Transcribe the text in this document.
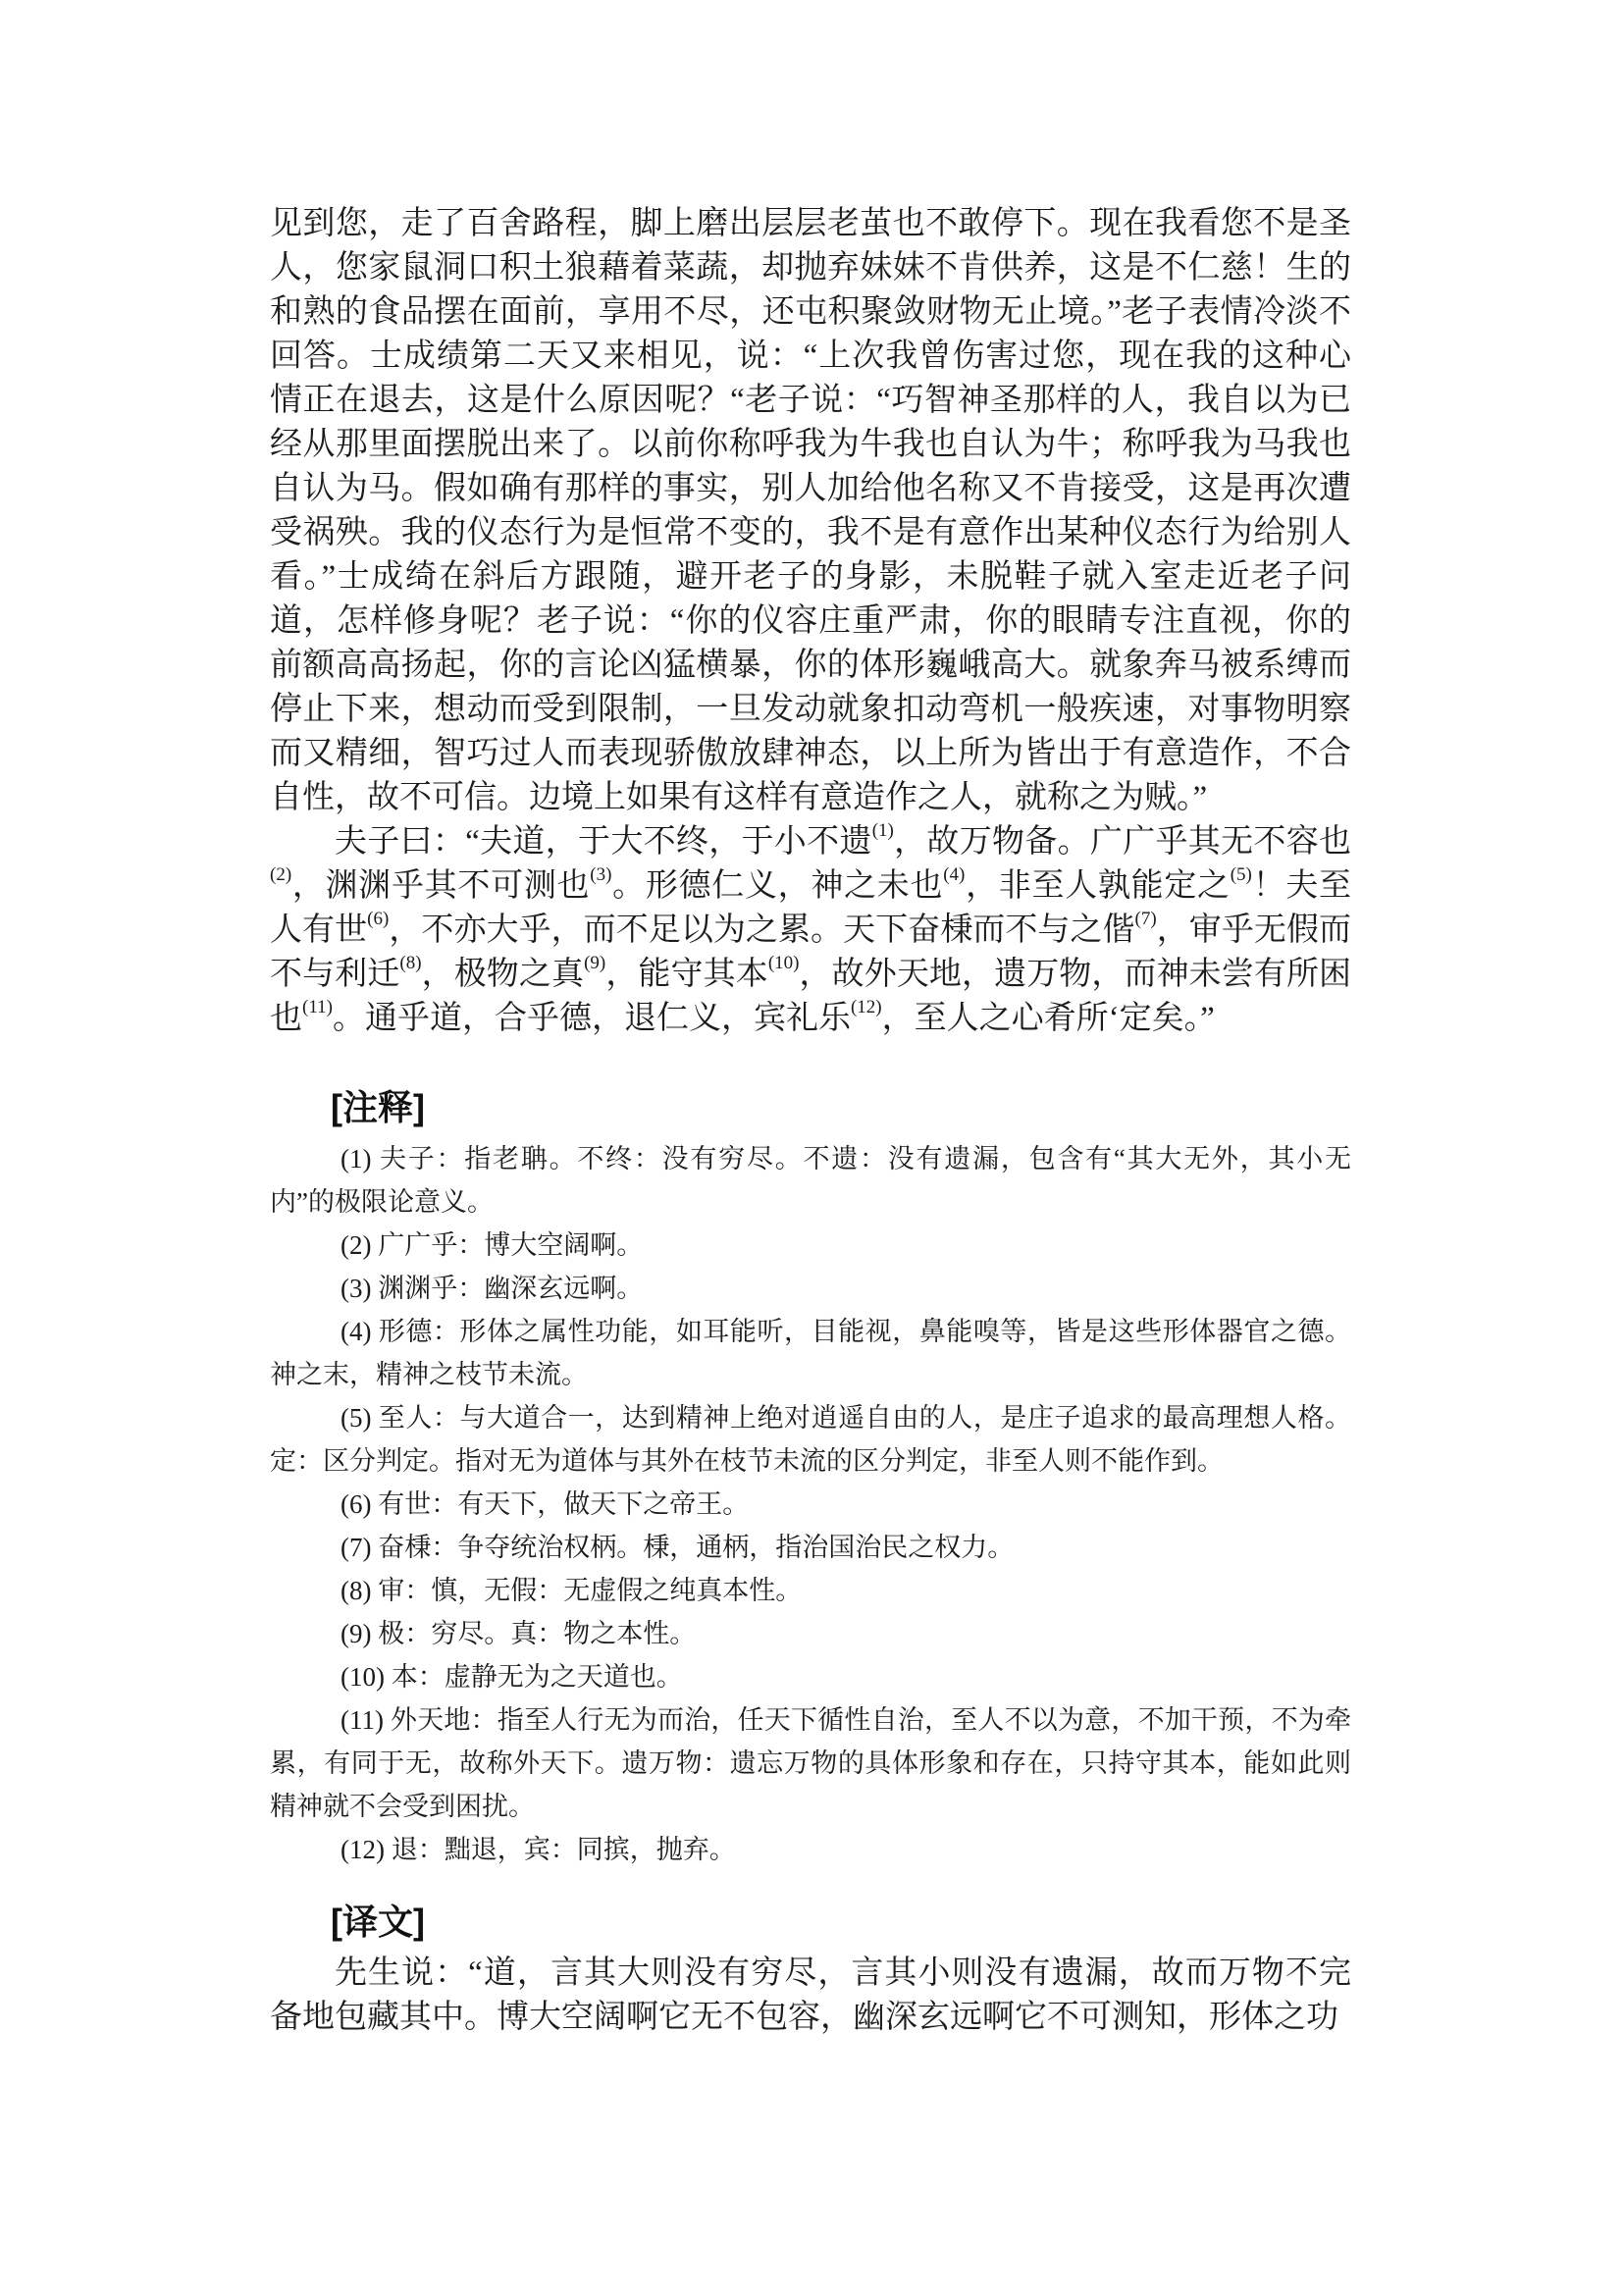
见到您，走了百舍路程，脚上磨出层层老茧也不敢停下。现在我看您不是圣人，您家鼠洞口积土狼藉着菜蔬，却抛弃妹妹不肯供养，这是不仁慈！生的和熟的食品摆在面前，享用不尽，还屯积聚敛财物无止境。”老子表情冷淡不回答。士成绩第二天又来相见，说：“上次我曾伤害过您，现在我的这种心情正在退去，这是什么原因呢？“老子说：“巧智神圣那样的人，我自以为已经从那里面摆脱出来了。以前你称呼我为牛我也自认为牛；称呼我为马我也自认为马。假如确有那样的事实，别人加给他名称又不肯接受，这是再次遭受祸殃。我的仪态行为是恒常不变的，我不是有意作出某种仪态行为给别人看。”士成绮在斜后方跟随，避开老子的身影，未脱鞋子就入室走近老子问道，怎样修身呢？老子说：“你的仪容庄重严肃，你的眼睛专注直视，你的前额高高扬起，你的言论凶猛横暴，你的体形巍峨高大。就象奔马被系缚而停止下来，想动而受到限制，一旦发动就象扣动弯机一般疾速，对事物明察而又精细，智巧过人而表现骄傲放肆神态，以上所为皆出于有意造作，不合自性，故不可信。边境上如果有这样有意造作之人，就称之为贼。”

夫子曰：“夫道，于大不终，于小不遗$^{(1)}$，故万物备。广广乎其无不容也$^{(2)}$，渊渊乎其不可测也$^{(3)}$。形德仁义，神之未也$^{(4)}$，非至人孰能定之$^{(5)}$！夫至人有世$^{(6)}$，不亦大乎，而不足以为之累。天下奋棅而不与之偕$^{(7)}$，审乎无假而不与利迁$^{(8)}$，极物之真$^{(9)}$，能守其本$^{(10)}$，故外天地，遗万物，而神未尝有所困也$^{(11)}$。通乎道，合乎德，退仁义，宾礼乐$^{(12)}$，至人之心肴所‘定矣。”

[注释]

(1) 夫子：指老聃。不终：没有穷尽。不遗：没有遗漏，包含有“其大无外，其小无内”的极限论意义。

(2) 广广乎：博大空阔啊。

(3) 渊渊乎：幽深玄远啊。

(4) 形德：形体之属性功能，如耳能听，目能视，鼻能嗅等，皆是这些形体器官之德。神之末，精神之枝节未流。

(5) 至人：与大道合一，达到精神上绝对逍遥自由的人，是庄子追求的最高理想人格。定：区分判定。指对无为道体与其外在枝节未流的区分判定，非至人则不能作到。

(6) 有世：有天下，做天下之帝王。

(7) 奋棅：争夺统治权柄。棅，通柄，指治国治民之权力。

(8) 审：慎，无假：无虚假之纯真本性。

(9) 极：穷尽。真：物之本性。

(10) 本：虚静无为之天道也。

(11) 外天地：指至人行无为而治，任天下循性自治，至人不以为意，不加干预，不为牵累，有同于无，故称外天下。遗万物：遗忘万物的具体形象和存在，只持守其本，能如此则精神就不会受到困扰。

(12) 退：黜退，宾：同摈，抛弃。

[译文]

先生说：“道，言其大则没有穷尽，言其小则没有遗漏，故而万物不完备地包藏其中。博大空阔啊它无不包容，幽深玄远啊它不可测知，形体之功
